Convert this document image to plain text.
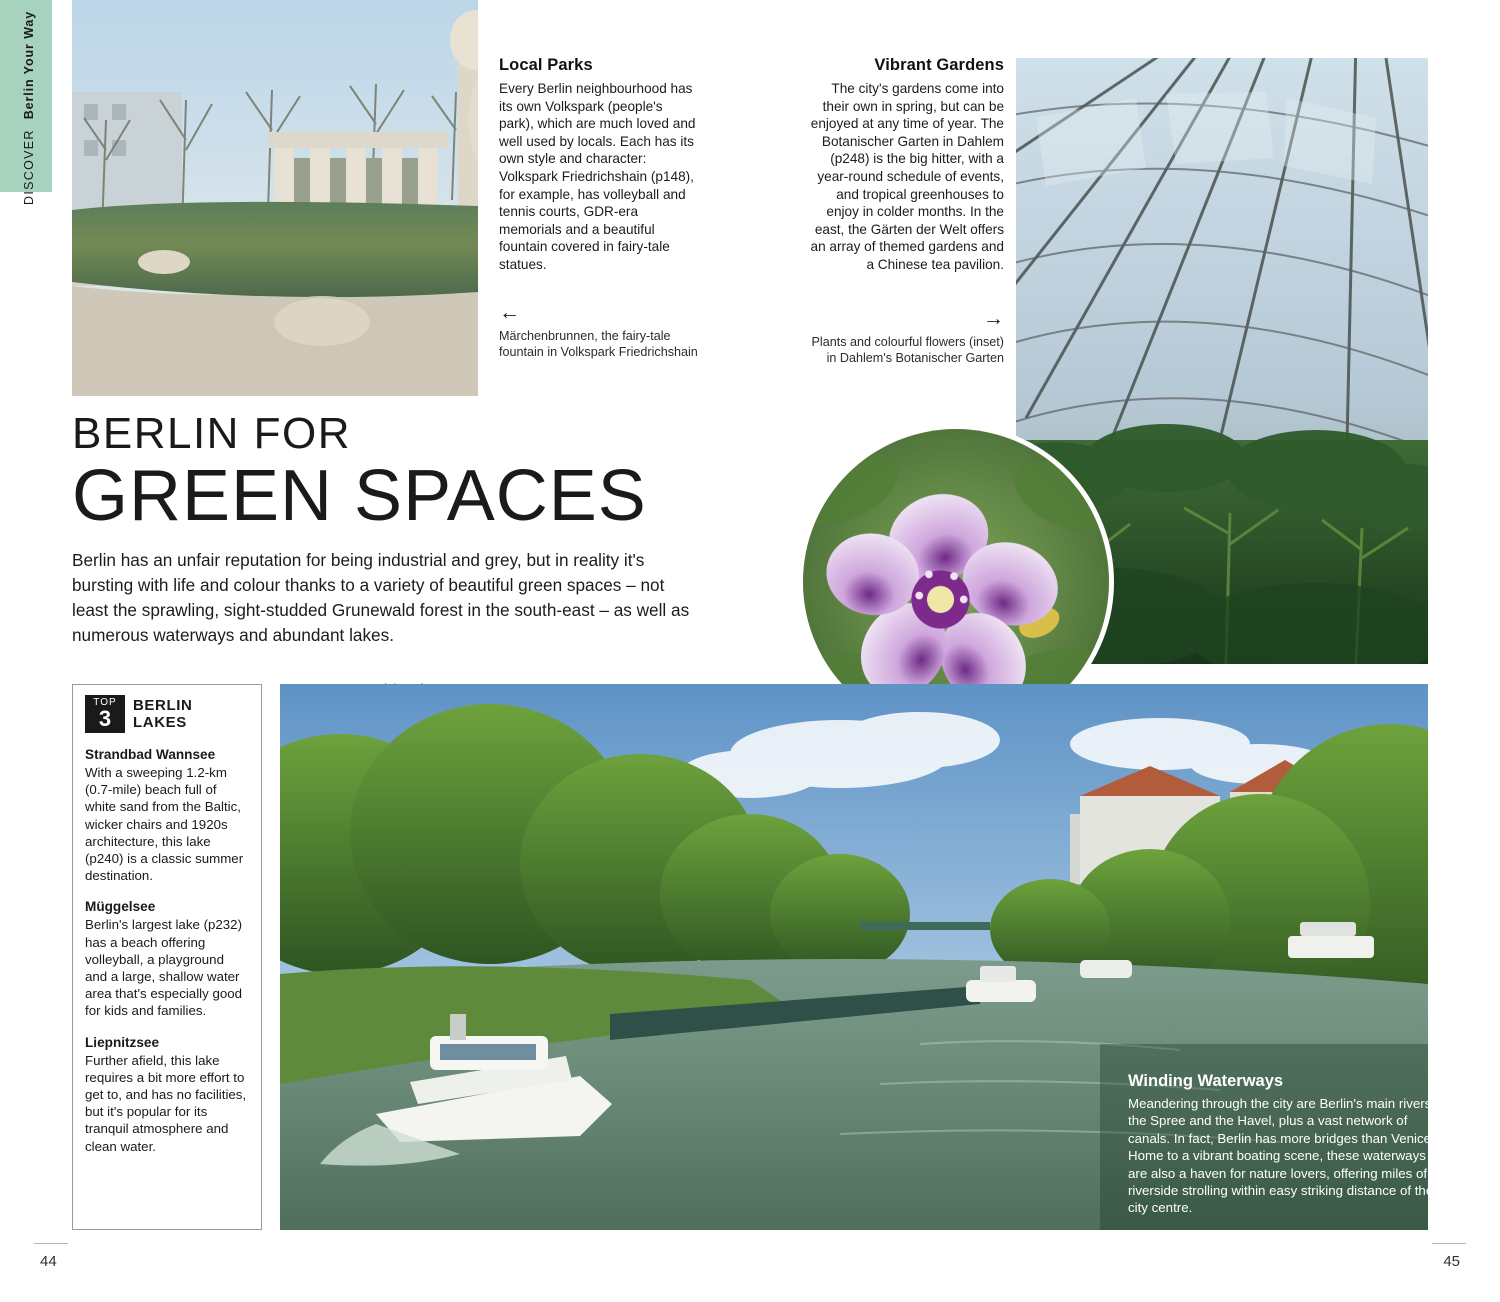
DISCOVERBerlin Your Way	Local Parks
Every Berlin neighbourhood has its own Volkspark (people's park), which are much loved and well used by locals. Each has its own style and character: Volkspark Friedrichshain (p148), for example, has volleyball and tennis courts, GDR-era memorials and a beautiful fountain covered in fairy-tale statues.
←
Märchenbrunnen, the fairy-tale fountain in Volkspark Friedrichshain
Vibrant Gardens
The city's gardens come into their own in spring, but can be enjoyed at any time of year. The Botanischer Garten in Dahlem (p248) is the big hitter, with a year-round schedule of events, and tropical greenhouses to enjoy in colder months. In the east, the Gärten der Welt offers an array of themed gardens and a Chinese tea pavilion.
→
Plants and colourful flowers (inset) in Dahlem's Botanischer Garten
BERLIN FOR
GREEN SPACES
Berlin has an unfair reputation for being industrial and grey, but in reality it's bursting with life and colour thanks to a variety of beautiful green spaces – not least the sprawling, sight-studded Grunewald forest in the south-east – as well as numerous waterways and abundant lakes.
TOP
3
BERLIN
LAKES
Strandbad Wannsee

With a sweeping 1.2-km (0.7-mile) beach full of white sand from the Baltic, wicker chairs and 1920s architecture, this lake (p240) is a classic summer destination.

Müggelsee

Berlin's largest lake (p232) has a beach offering volleyball, a playground and a large, shallow water area that's especially good for kids and families.

Liepnitzsee

Further afield, this lake requires a bit more effort to get to, and has no facilities, but it's popular for its tranquil atmosphere and clean water.

Winding Waterways

Meandering through the city are Berlin's main rivers, the Spree and the Havel, plus a vast network of canals. In fact, Berlin has more bridges than Venice. Home to a vibrant boating scene, these waterways are also a haven for nature lovers, offering miles of riverside strolling within easy striking distance of the city centre.

44	45
